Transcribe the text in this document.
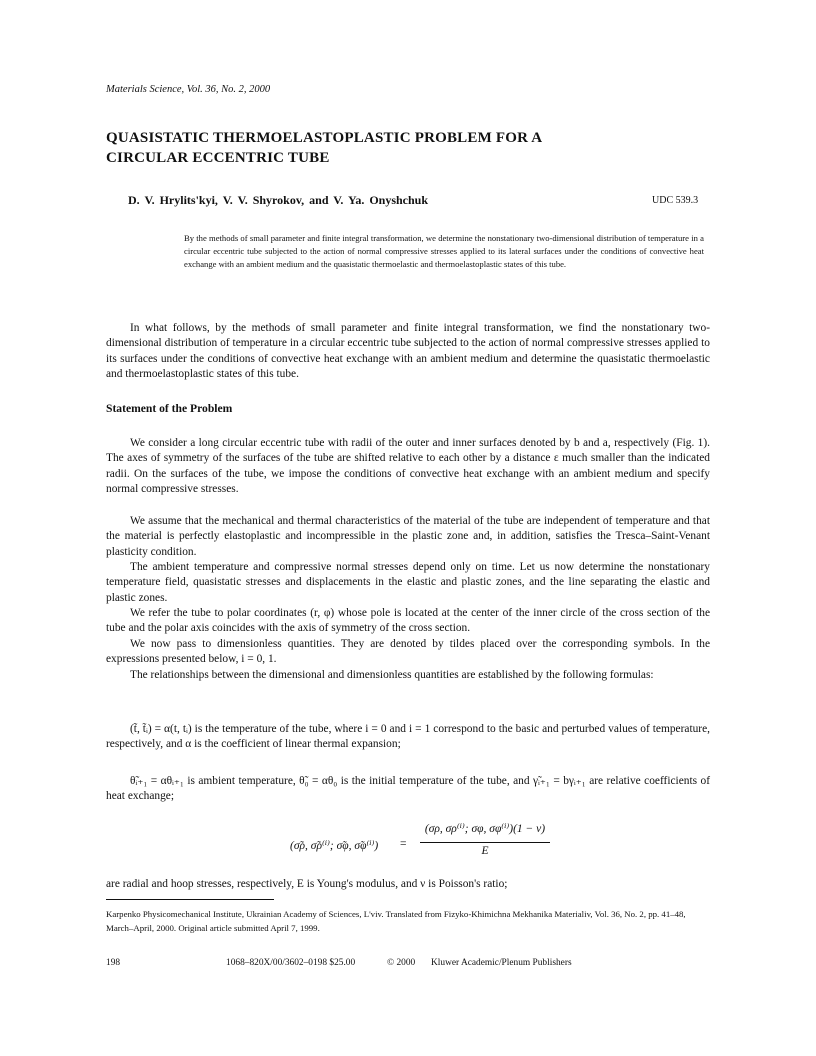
Materials Science, Vol. 36, No. 2, 2000
QUASISTATIC THERMOELASTOPLASTIC PROBLEM FOR A
CIRCULAR ECCENTRIC TUBE
D. V. Hrylits'kyi, V. V. Shyrokov, and V. Ya. Onyshchuk	UDC 539.3
By the methods of small parameter and finite integral transformation, we determine the nonstationary two-dimensional distribution of temperature in a circular eccentric tube subjected to the action of normal compressive stresses applied to its lateral surfaces under the conditions of convective heat exchange with an ambient medium and the quasistatic thermoelastic and thermoelastoplastic states of this tube.

In what follows, by the methods of small parameter and finite integral transformation, we find the nonstationary two-dimensional distribution of temperature in a circular eccentric tube subjected to the action of normal compressive stresses applied to its surfaces under the conditions of convective heat exchange with an ambient medium and determine the quasistatic thermoelastic and thermoelastoplastic states of this tube.

Statement of the Problem

We consider a long circular eccentric tube with radii of the outer and inner surfaces denoted by b and a, respectively (Fig. 1). The axes of symmetry of the surfaces of the tube are shifted relative to each other by a distance ε much smaller than the indicated radii. On the surfaces of the tube, we impose the conditions of convective heat exchange with an ambient medium and specify normal compressive stresses.

We assume that the mechanical and thermal characteristics of the material of the tube are independent of temperature and that the material is perfectly elastoplastic and incompressible in the plastic zone and, in addition, satisfies the Tresca–Saint-Venant plasticity condition.

The ambient temperature and compressive normal stresses depend only on time. Let us now determine the nonstationary temperature field, quasistatic stresses and displacements in the elastic and plastic zones, and the line separating the elastic and plastic zones.

We refer the tube to polar coordinates (r, φ) whose pole is located at the center of the inner circle of the cross section of the tube and the polar axis coincides with the axis of symmetry of the cross section.

We now pass to dimensionless quantities. They are denoted by tildes placed over the corresponding symbols. In the expressions presented below, i = 0, 1.

The relationships between the dimensional and dimensionless quantities are established by the following formulas:

(t̃, t̃ᵢ) = α(t, tᵢ) is the temperature of the tube, where i = 0 and i = 1 correspond to the basic and perturbed values of temperature, respectively, and α is the coefficient of linear thermal expansion;

θ̃ᵢ₊₁ = αθᵢ₊₁ is ambient temperature, θ̃₀ = αθ₀ is the initial temperature of the tube, and γ̃ᵢ₊₁ = bγᵢ₊₁ are relative coefficients of heat exchange;

(σ̃ρ, σ̃ρ⁽ⁱ⁾; σ̃φ, σ̃φ⁽ⁱ⁾) =
(σρ, σρ⁽ⁱ⁾; σφ, σφ⁽ⁱ⁾)(1 − ν)
E

are radial and hoop stresses, respectively, E is Young's modulus, and ν is Poisson's ratio;

Karpenko Physicomechanical Institute, Ukrainian Academy of Sciences, L'viv. Translated from Fizyko-Khimichna Mekhanika Materialiv, Vol. 36, No. 2, pp. 41–48, March–April, 2000. Original article submitted April 7, 1999.
198	1068–820X/00/3602–0198 $25.00	© 2000 Kluwer Academic/Plenum Publishers
